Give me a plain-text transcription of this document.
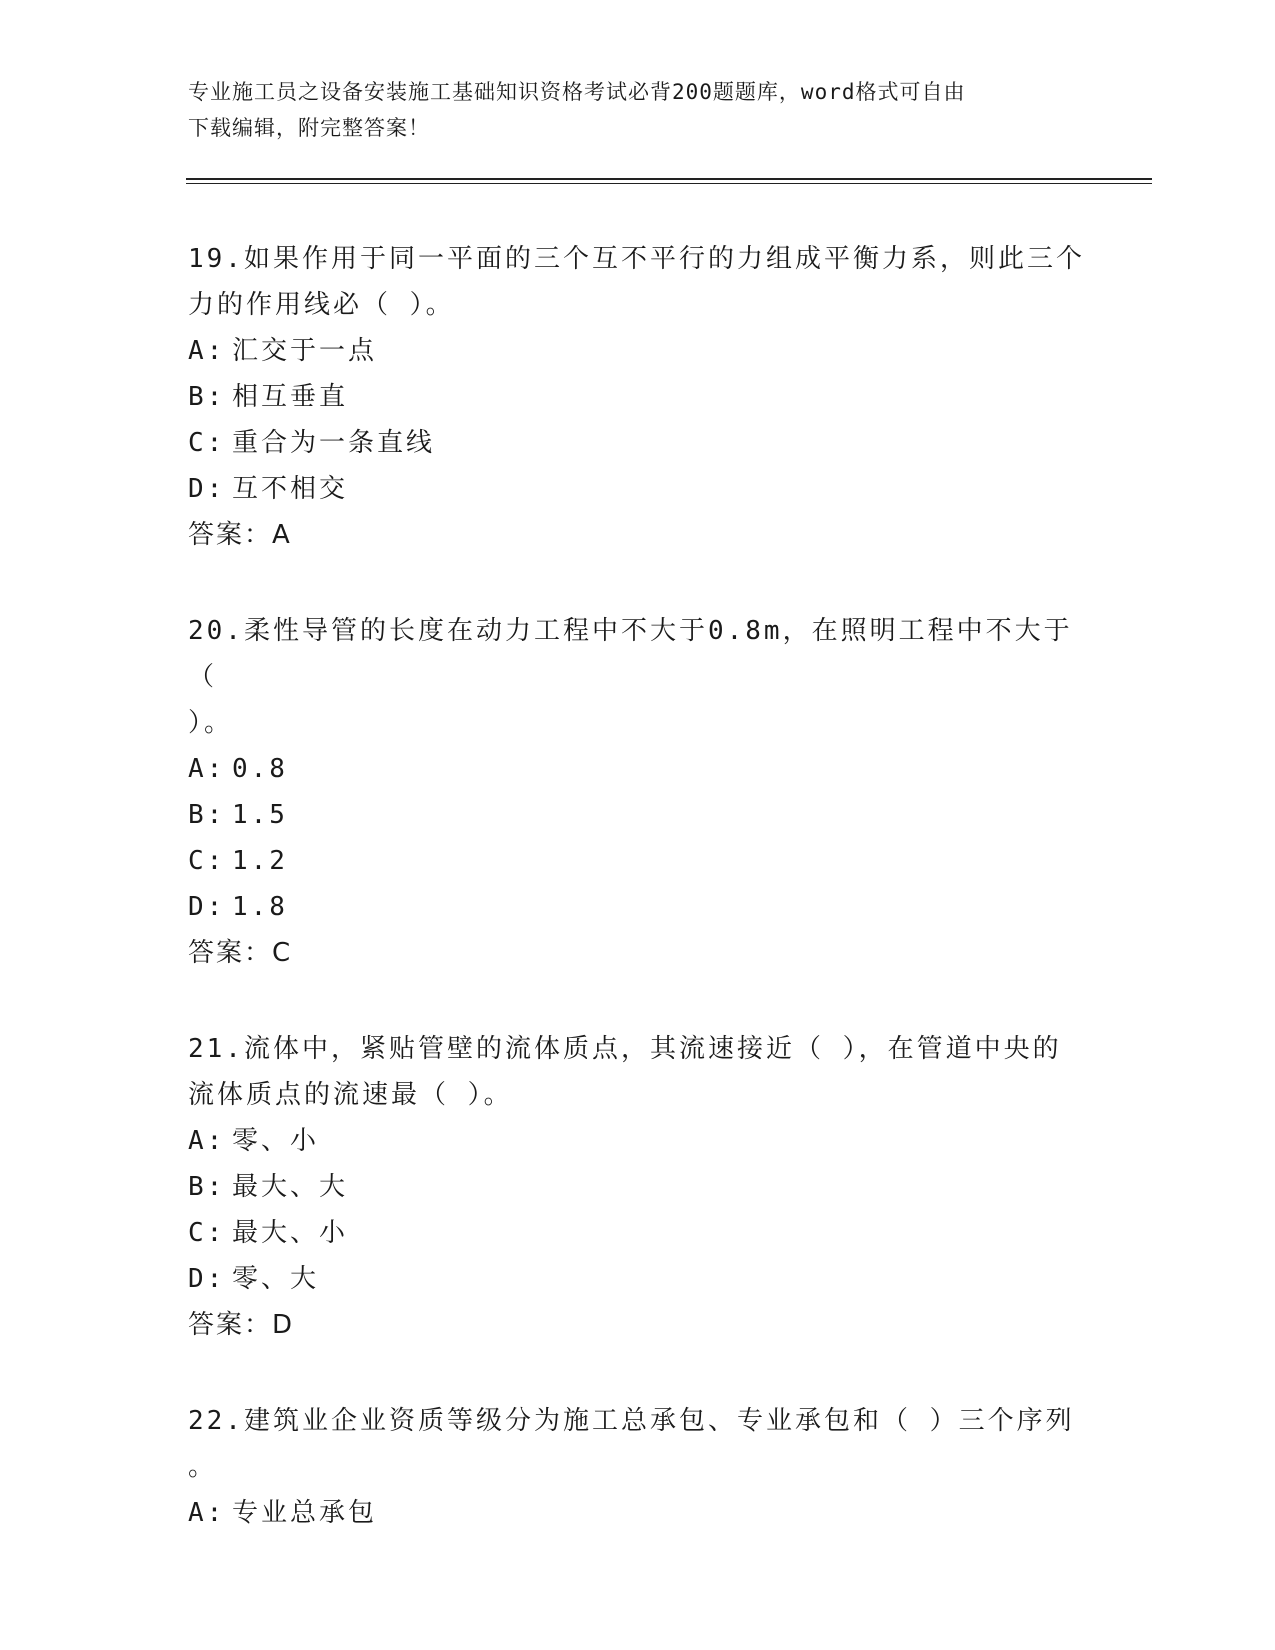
专业施工员之设备安装施工基础知识资格考试必背200题题库，word格式可自由
下载编辑，附完整答案！

19.如果作用于同一平面的三个互不平行的力组成平衡力系，则此三个

力的作用线必（ ）。

A: 汇交于一点

B: 相互垂直

C: 重合为一条直线

D: 互不相交

答案：A

20.柔性导管的长度在动力工程中不大于0.8m，在照明工程中不大于（

）。

A: 0.8

B: 1.5

C: 1.2

D: 1.8

答案：C

21.流体中，紧贴管壁的流体质点，其流速接近（ ），在管道中央的

流体质点的流速最（ ）。

A: 零、小

B: 最大、大

C: 最大、小

D: 零、大

答案：D

22.建筑业企业资质等级分为施工总承包、专业承包和（ ）三个序列

。

A: 专业总承包
